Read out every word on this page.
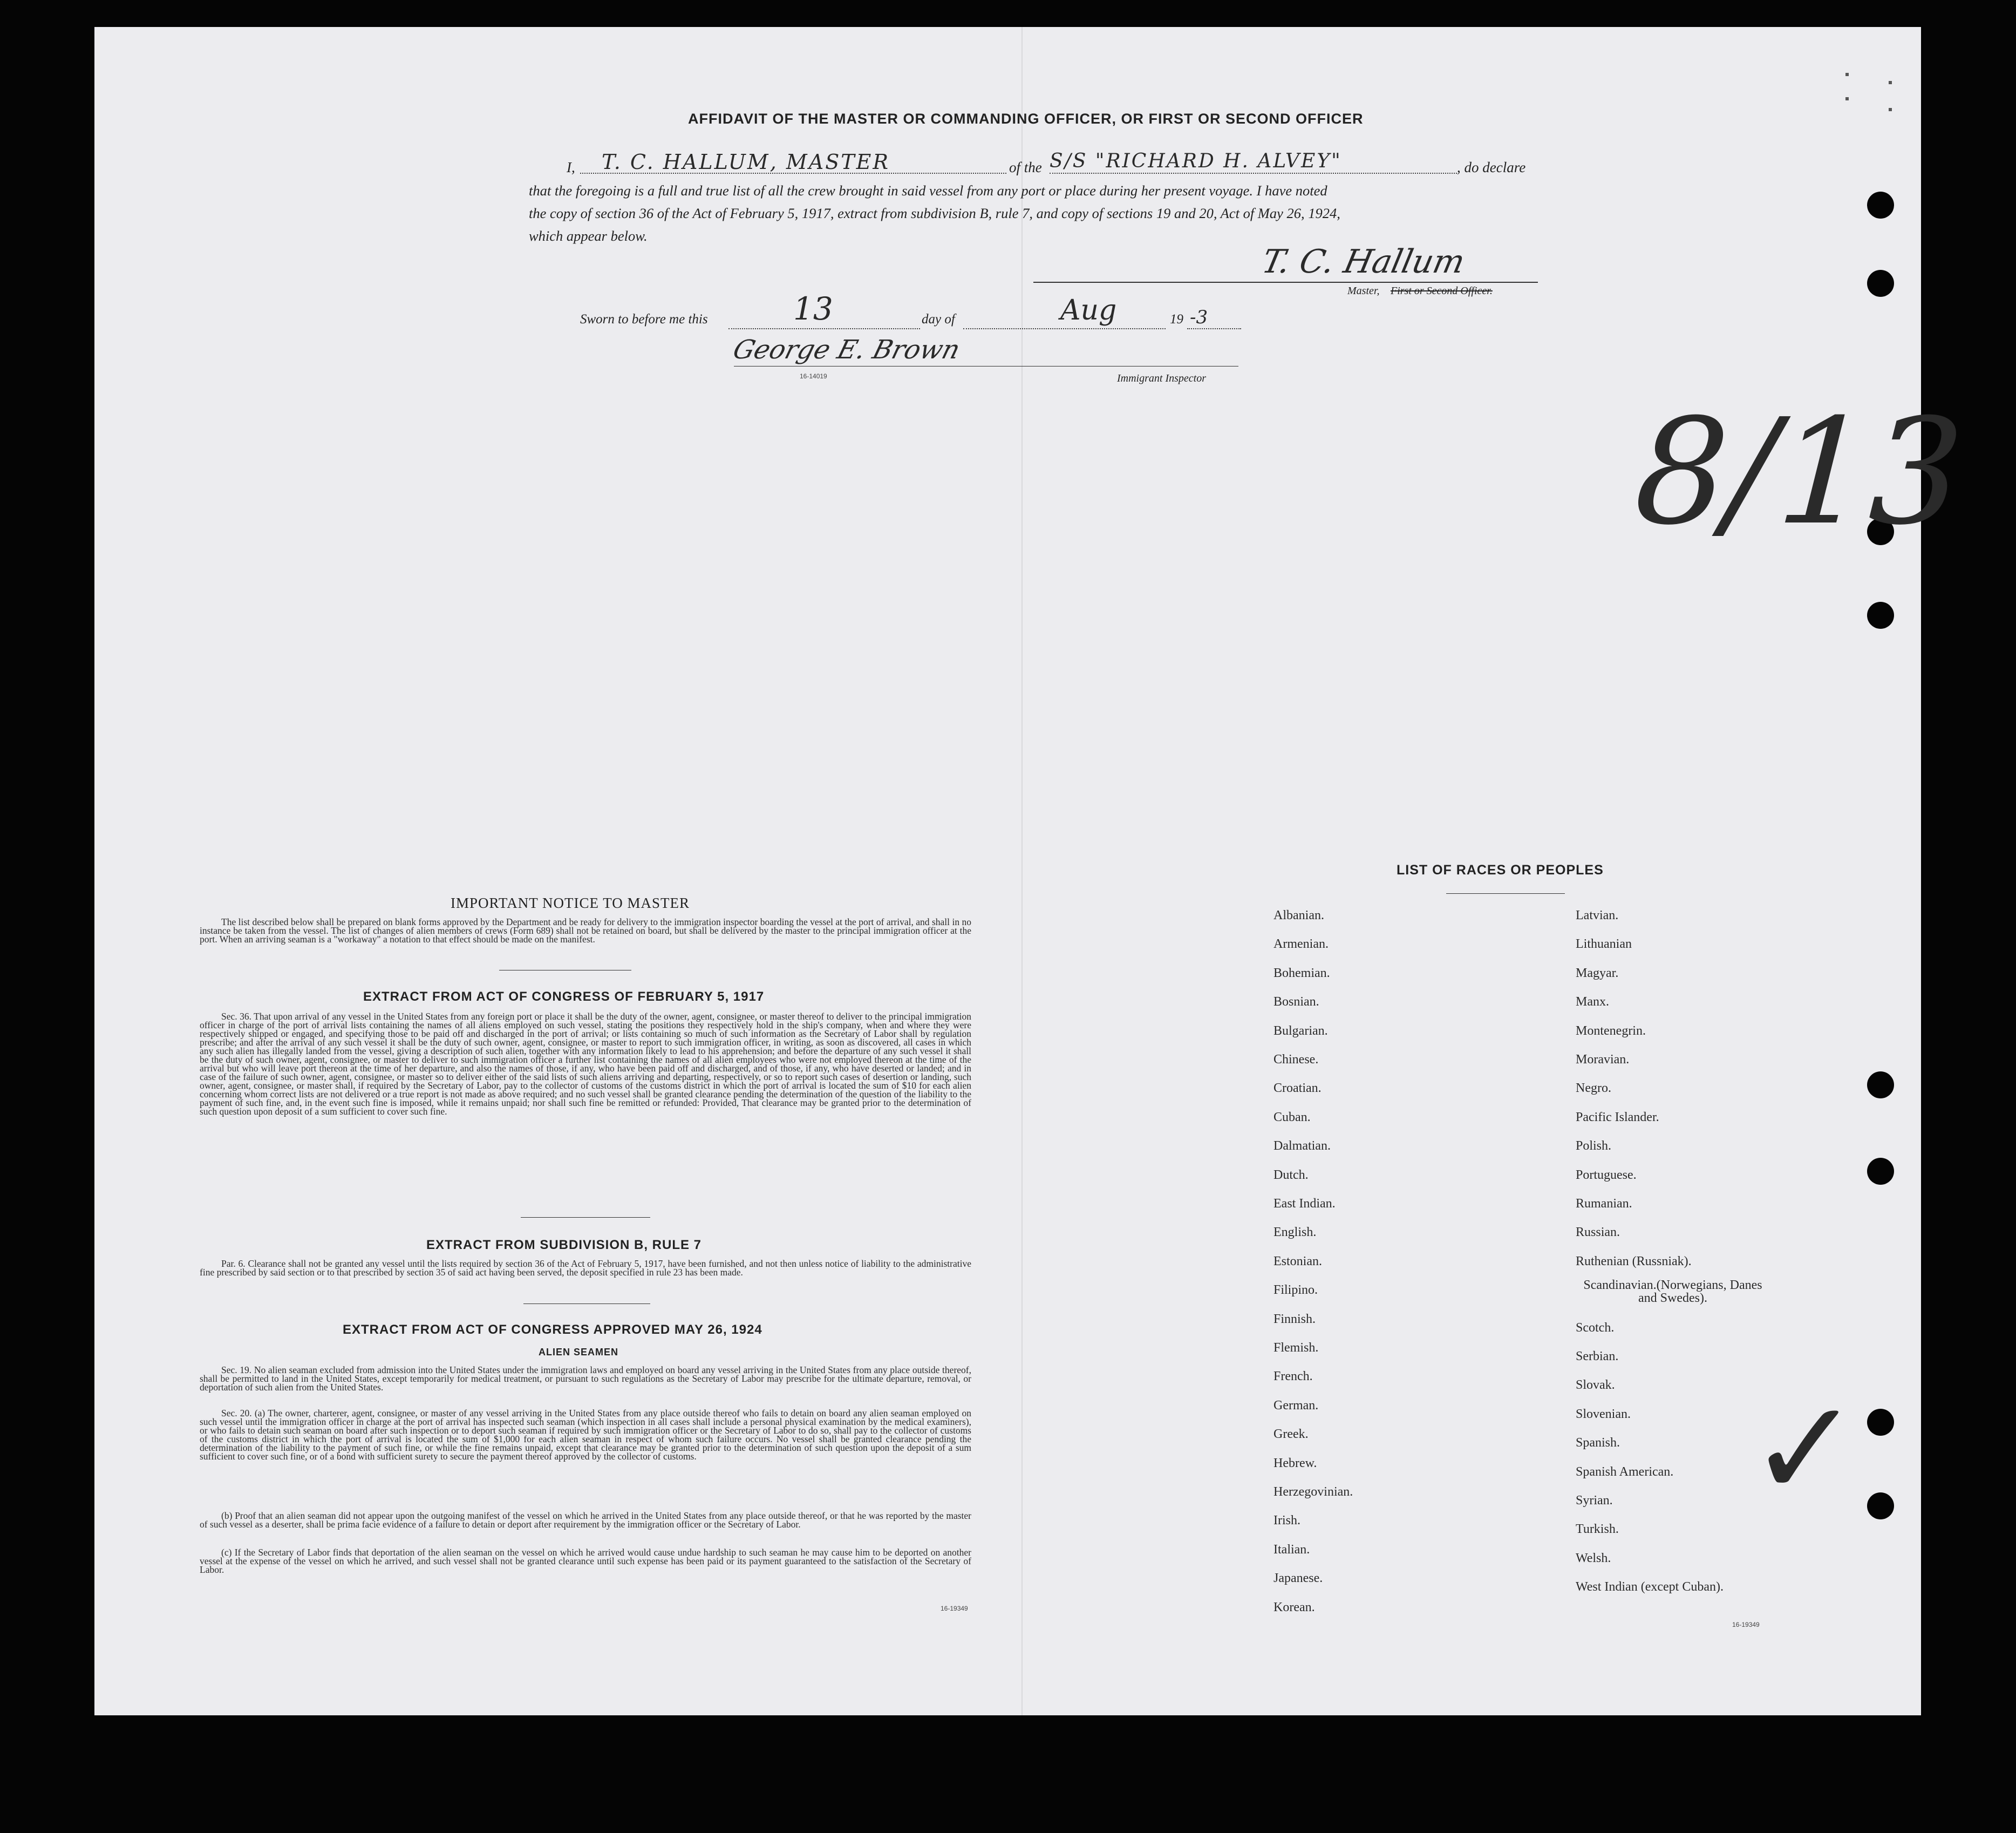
AFFIDAVIT OF THE MASTER OR COMMANDING OFFICER, OR FIRST OR SECOND OFFICER
I, T. C. HALLUM, MASTER	of the S/S "RICHARD H. ALVEY"	, do declare
that the foregoing is a full and true list of all the crew brought in said vessel from any port or place during her present voyage. I have noted
the copy of section 36 of the Act of February 5, 1917, extract from subdivision B, rule 7, and copy of sections 19 and 20, Act of May 26, 1924,
which appear below.
T. C. Hallum
Master, First or Second Officer.
Sworn to before me this	13	day of	Aug	19 -3
George E. Brown
16-14019	Immigrant Inspector
8/13
✓
IMPORTANT NOTICE TO MASTER
The list described below shall be prepared on blank forms approved by the Department and be ready for delivery to the immigration inspector boarding the vessel at the port of arrival, and shall in no instance be taken from the vessel. The list of changes of alien members of crews (Form 689) shall not be retained on board, but shall be delivered by the master to the principal immigration officer at the port. When an arriving seaman is a "workaway" a notation to that effect should be made on the manifest.
EXTRACT FROM ACT OF CONGRESS OF FEBRUARY 5, 1917
Sec. 36. That upon arrival of any vessel in the United States from any foreign port or place it shall be the duty of the owner, agent, consignee, or master thereof to deliver to the principal immigration officer in charge of the port of arrival lists containing the names of all aliens employed on such vessel, stating the positions they respectively hold in the ship's company, when and where they were respectively shipped or engaged, and specifying those to be paid off and discharged in the port of arrival; or lists containing so much of such information as the Secretary of Labor shall by regulation prescribe; and after the arrival of any such vessel it shall be the duty of such owner, agent, consignee, or master to report to such immigration officer, in writing, as soon as discovered, all cases in which any such alien has illegally landed from the vessel, giving a description of such alien, together with any information likely to lead to his apprehension; and before the departure of any such vessel it shall be the duty of such owner, agent, consignee, or master to deliver to such immigration officer a further list containing the names of all alien employees who were not employed thereon at the time of the arrival but who will leave port thereon at the time of her departure, and also the names of those, if any, who have been paid off and discharged, and of those, if any, who have deserted or landed; and in case of the failure of such owner, agent, consignee, or master so to deliver either of the said lists of such aliens arriving and departing, respectively, or so to report such cases of desertion or landing, such owner, agent, consignee, or master shall, if required by the Secretary of Labor, pay to the collector of customs of the customs district in which the port of arrival is located the sum of $10 for each alien concerning whom correct lists are not delivered or a true report is not made as above required; and no such vessel shall be granted clearance pending the determination of the question of the liability to the payment of such fine, and, in the event such fine is imposed, while it remains unpaid; nor shall such fine be remitted or refunded: Provided, That clearance may be granted prior to the determination of such question upon deposit of a sum sufficient to cover such fine.
EXTRACT FROM SUBDIVISION B, RULE 7
Par. 6. Clearance shall not be granted any vessel until the lists required by section 36 of the Act of February 5, 1917, have been furnished, and not then unless notice of liability to the administrative fine prescribed by said section or to that prescribed by section 35 of said act having been served, the deposit specified in rule 23 has been made.
EXTRACT FROM ACT OF CONGRESS APPROVED MAY 26, 1924
ALIEN SEAMEN
Sec. 19. No alien seaman excluded from admission into the United States under the immigration laws and employed on board any vessel arriving in the United States from any place outside thereof, shall be permitted to land in the United States, except temporarily for medical treatment, or pursuant to such regulations as the Secretary of Labor may prescribe for the ultimate departure, removal, or deportation of such alien from the United States.
Sec. 20. (a) The owner, charterer, agent, consignee, or master of any vessel arriving in the United States from any place outside thereof who fails to detain on board any alien seaman employed on such vessel until the immigration officer in charge at the port of arrival has inspected such seaman (which inspection in all cases shall include a personal physical examination by the medical examiners), or who fails to detain such seaman on board after such inspection or to deport such seaman if required by such immigration officer or the Secretary of Labor to do so, shall pay to the collector of customs of the customs district in which the port of arrival is located the sum of $1,000 for each alien seaman in respect of whom such failure occurs. No vessel shall be granted clearance pending the determination of the liability to the payment of such fine, or while the fine remains unpaid, except that clearance may be granted prior to the determination of such question upon the deposit of a sum sufficient to cover such fine, or of a bond with sufficient surety to secure the payment thereof approved by the collector of customs.
(b) Proof that an alien seaman did not appear upon the outgoing manifest of the vessel on which he arrived in the United States from any place outside thereof, or that he was reported by the master of such vessel as a deserter, shall be prima facie evidence of a failure to detain or deport after requirement by the immigration officer or the Secretary of Labor.
(c) If the Secretary of Labor finds that deportation of the alien seaman on the vessel on which he arrived would cause undue hardship to such seaman he may cause him to be deported on another vessel at the expense of the vessel on which he arrived, and such vessel shall not be granted clearance until such expense has been paid or its payment guaranteed to the satisfaction of the Secretary of Labor.
16-19349
LIST OF RACES OR PEOPLES
Albanian.
Armenian.
Bohemian.
Bosnian.
Bulgarian.
Chinese.
Croatian.
Cuban.
Dalmatian.
Dutch.
East Indian.
English.
Estonian.
Filipino.
Finnish.
Flemish.
French.
German.
Greek.
Hebrew.
Herzegovinian.
Irish.
Italian.
Japanese.
Korean.
Latvian.
Lithuanian
Magyar.
Manx.
Montenegrin.
Moravian.
Negro.
Pacific Islander.
Polish.
Portuguese.
Rumanian.
Russian.
Ruthenian (Russniak).
Scandinavian.(Norwegians, Danes and Swedes).
Scotch.
Serbian.
Slovak.
Slovenian.
Spanish.
Spanish American.
Syrian.
Turkish.
Welsh.
West Indian (except Cuban).
16-19349
